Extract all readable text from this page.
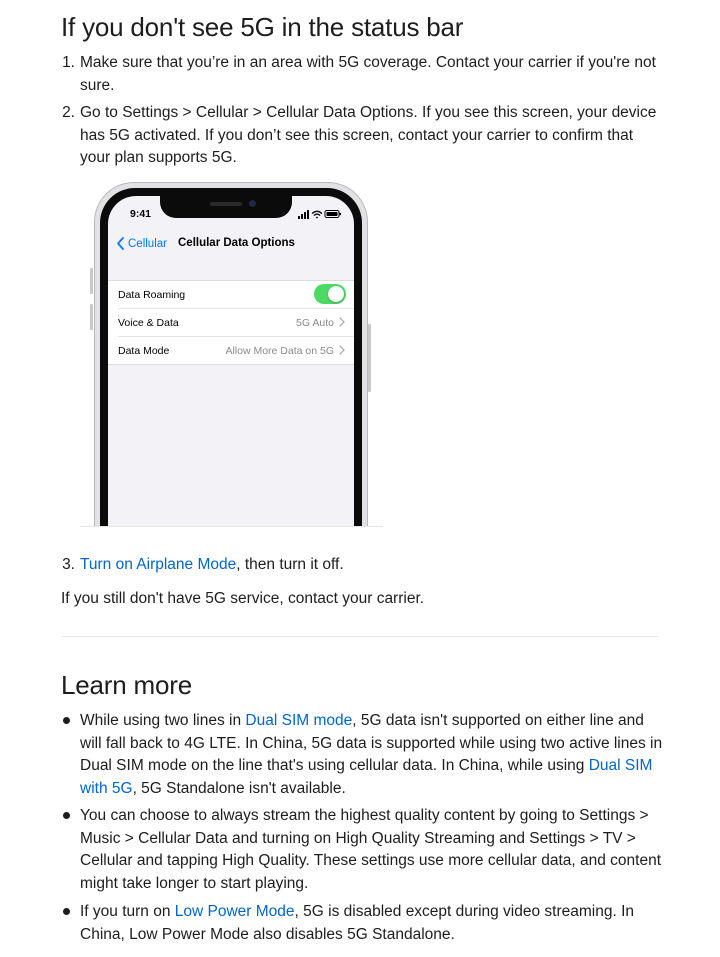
If you don't see 5G in the status bar
1. Make sure that you’re in an area with 5G coverage. Contact your carrier if you're not sure.
2. Go to Settings > Cellular > Cellular Data Options. If you see this screen, your device has 5G activated. If you don’t see this screen, contact your carrier to confirm that your plan supports 5G.
9:41
Cellular Cellular Data Options
Data Roaming
Voice & Data	5G Auto
Data Mode	Allow More Data on 5G
3. Turn on Airplane Mode, then turn it off.
If you still don't have 5G service, contact your carrier.
Learn more
While using two lines in Dual SIM mode, 5G data isn't supported on either line and will fall back to 4G LTE. In China, 5G data is supported while using two active lines in Dual SIM mode on the line that's using cellular data. In China, while using Dual SIM with 5G, 5G Standalone isn't available.
You can choose to always stream the highest quality content by going to Settings > Music > Cellular Data and turning on High Quality Streaming and Settings > TV > Cellular and tapping High Quality. These settings use more cellular data, and content might take longer to start playing.
If you turn on Low Power Mode, 5G is disabled except during video streaming. In China, Low Power Mode also disables 5G Standalone.
